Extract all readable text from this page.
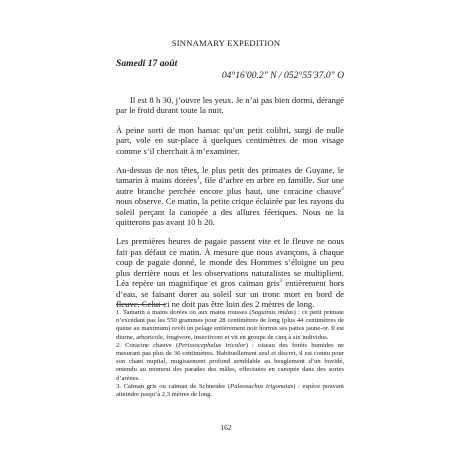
SINNAMARY EXPEDITION
Samedi 17 août
04°16'00.2" N / 052°55'37.0" O

Il est 8 h 30, j’ouvre les yeux. Je n’ai pas bien dormi, dérangé par le froid durant toute la nuit.

À peine sorti de mon hamac qu’un petit colibri, surgi de nulle part, vole en sur-place à quelques centimètres de mon visage comme s’il cherchait à m’examiner.

Au-dessus de nos têtes, le plus petit des primates de Guyane, le tamarin à mains dorées$^1$, file d’arbre en arbre en famille. Sur une autre branche perchée encore plus haut, une coracine chauve$^2$ nous observe. Ce matin, la petite crique éclairée par les rayons du soleil perçant la canopée a des allures féeriques. Nous ne la quitterons pas avant 10 h 20.

Les premières heures de pagaie passent vite et le fleuve ne nous fait pas défaut ce matin. À mesure que nous avançons, à chaque coup de pagaie donné, le monde des Hommes s’éloigne un peu plus derrière nous et les observations naturalistes se multiplient. Léa repère un magnifique et gros caïman gris$^3$ entièrement hors d’eau, se faisant dorer au soleil sur un tronc mort en bord de fleuve. Celui-ci ne doit pas être loin des 2 mètres de long.

1. Tamarin à mains dorées ou aux mains rousses (Saguinus midas) : ce petit primate n’excédant pas les 550 grammes pour 28 centimètres de long (plus 44 centimètres de queue au maximum) revêt un pelage entièrement noir hormis ses pattes jaune-or. Il est diurne, arboricole, frugivore, insectivore et vit en groupe de cinq à six individus.

2. Coracine chauve (Perissocephalus tricolor) : oiseau des forêts humides ne mesurant pas plus de 36 centimètres. Habituellement seul et discret, il est connu pour son chant nuptial, mugissement profond semblable au beuglement d’un bovidé, entendu au moment des parades des mâles, effectuées en canopée dans des sortes d’arènes.

3. Caïman gris ou caïman de Schneider (Paleosuchus trigonatus) : espèce pouvant atteindre jusqu’à 2,3 mètres de long.

162
